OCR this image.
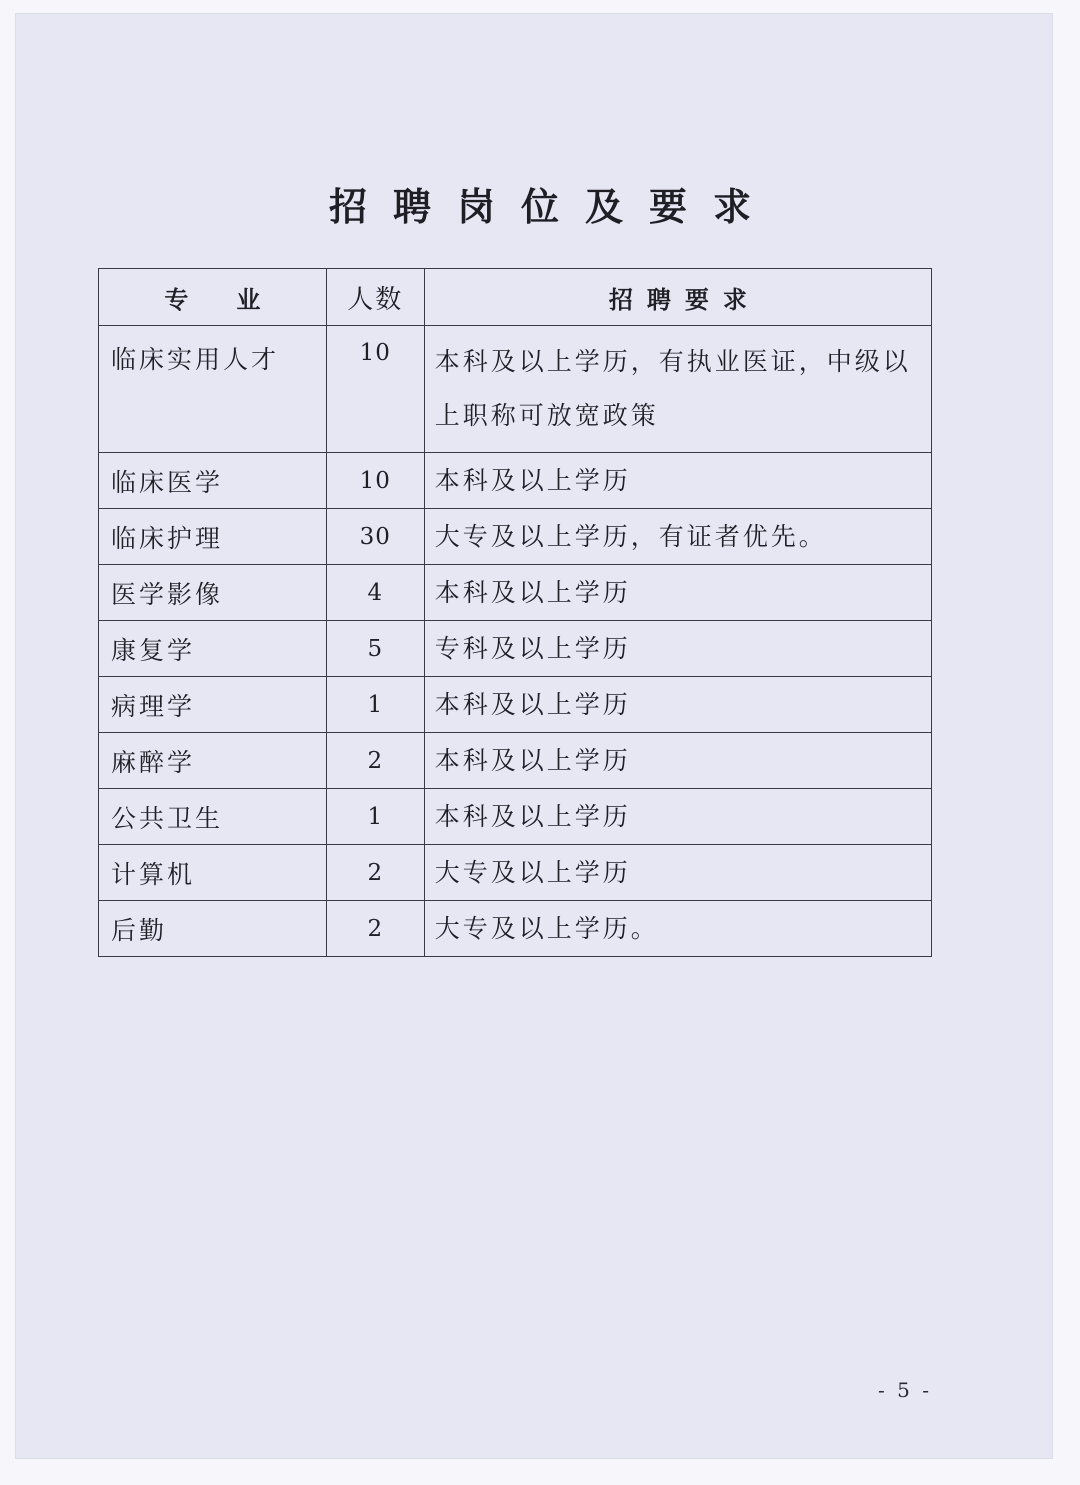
招聘岗位及要求
专业	人数	招聘要求
临床实用人才	10	本科及以上学历，有执业医证，中级以上职称可放宽政策
临床医学	10	本科及以上学历
临床护理	30	大专及以上学历，有证者优先。
医学影像	4	本科及以上学历
康复学	5	专科及以上学历
病理学	1	本科及以上学历
麻醉学	2	本科及以上学历
公共卫生	1	本科及以上学历
计算机	2	大专及以上学历
后勤	2	大专及以上学历。
- 5 -
